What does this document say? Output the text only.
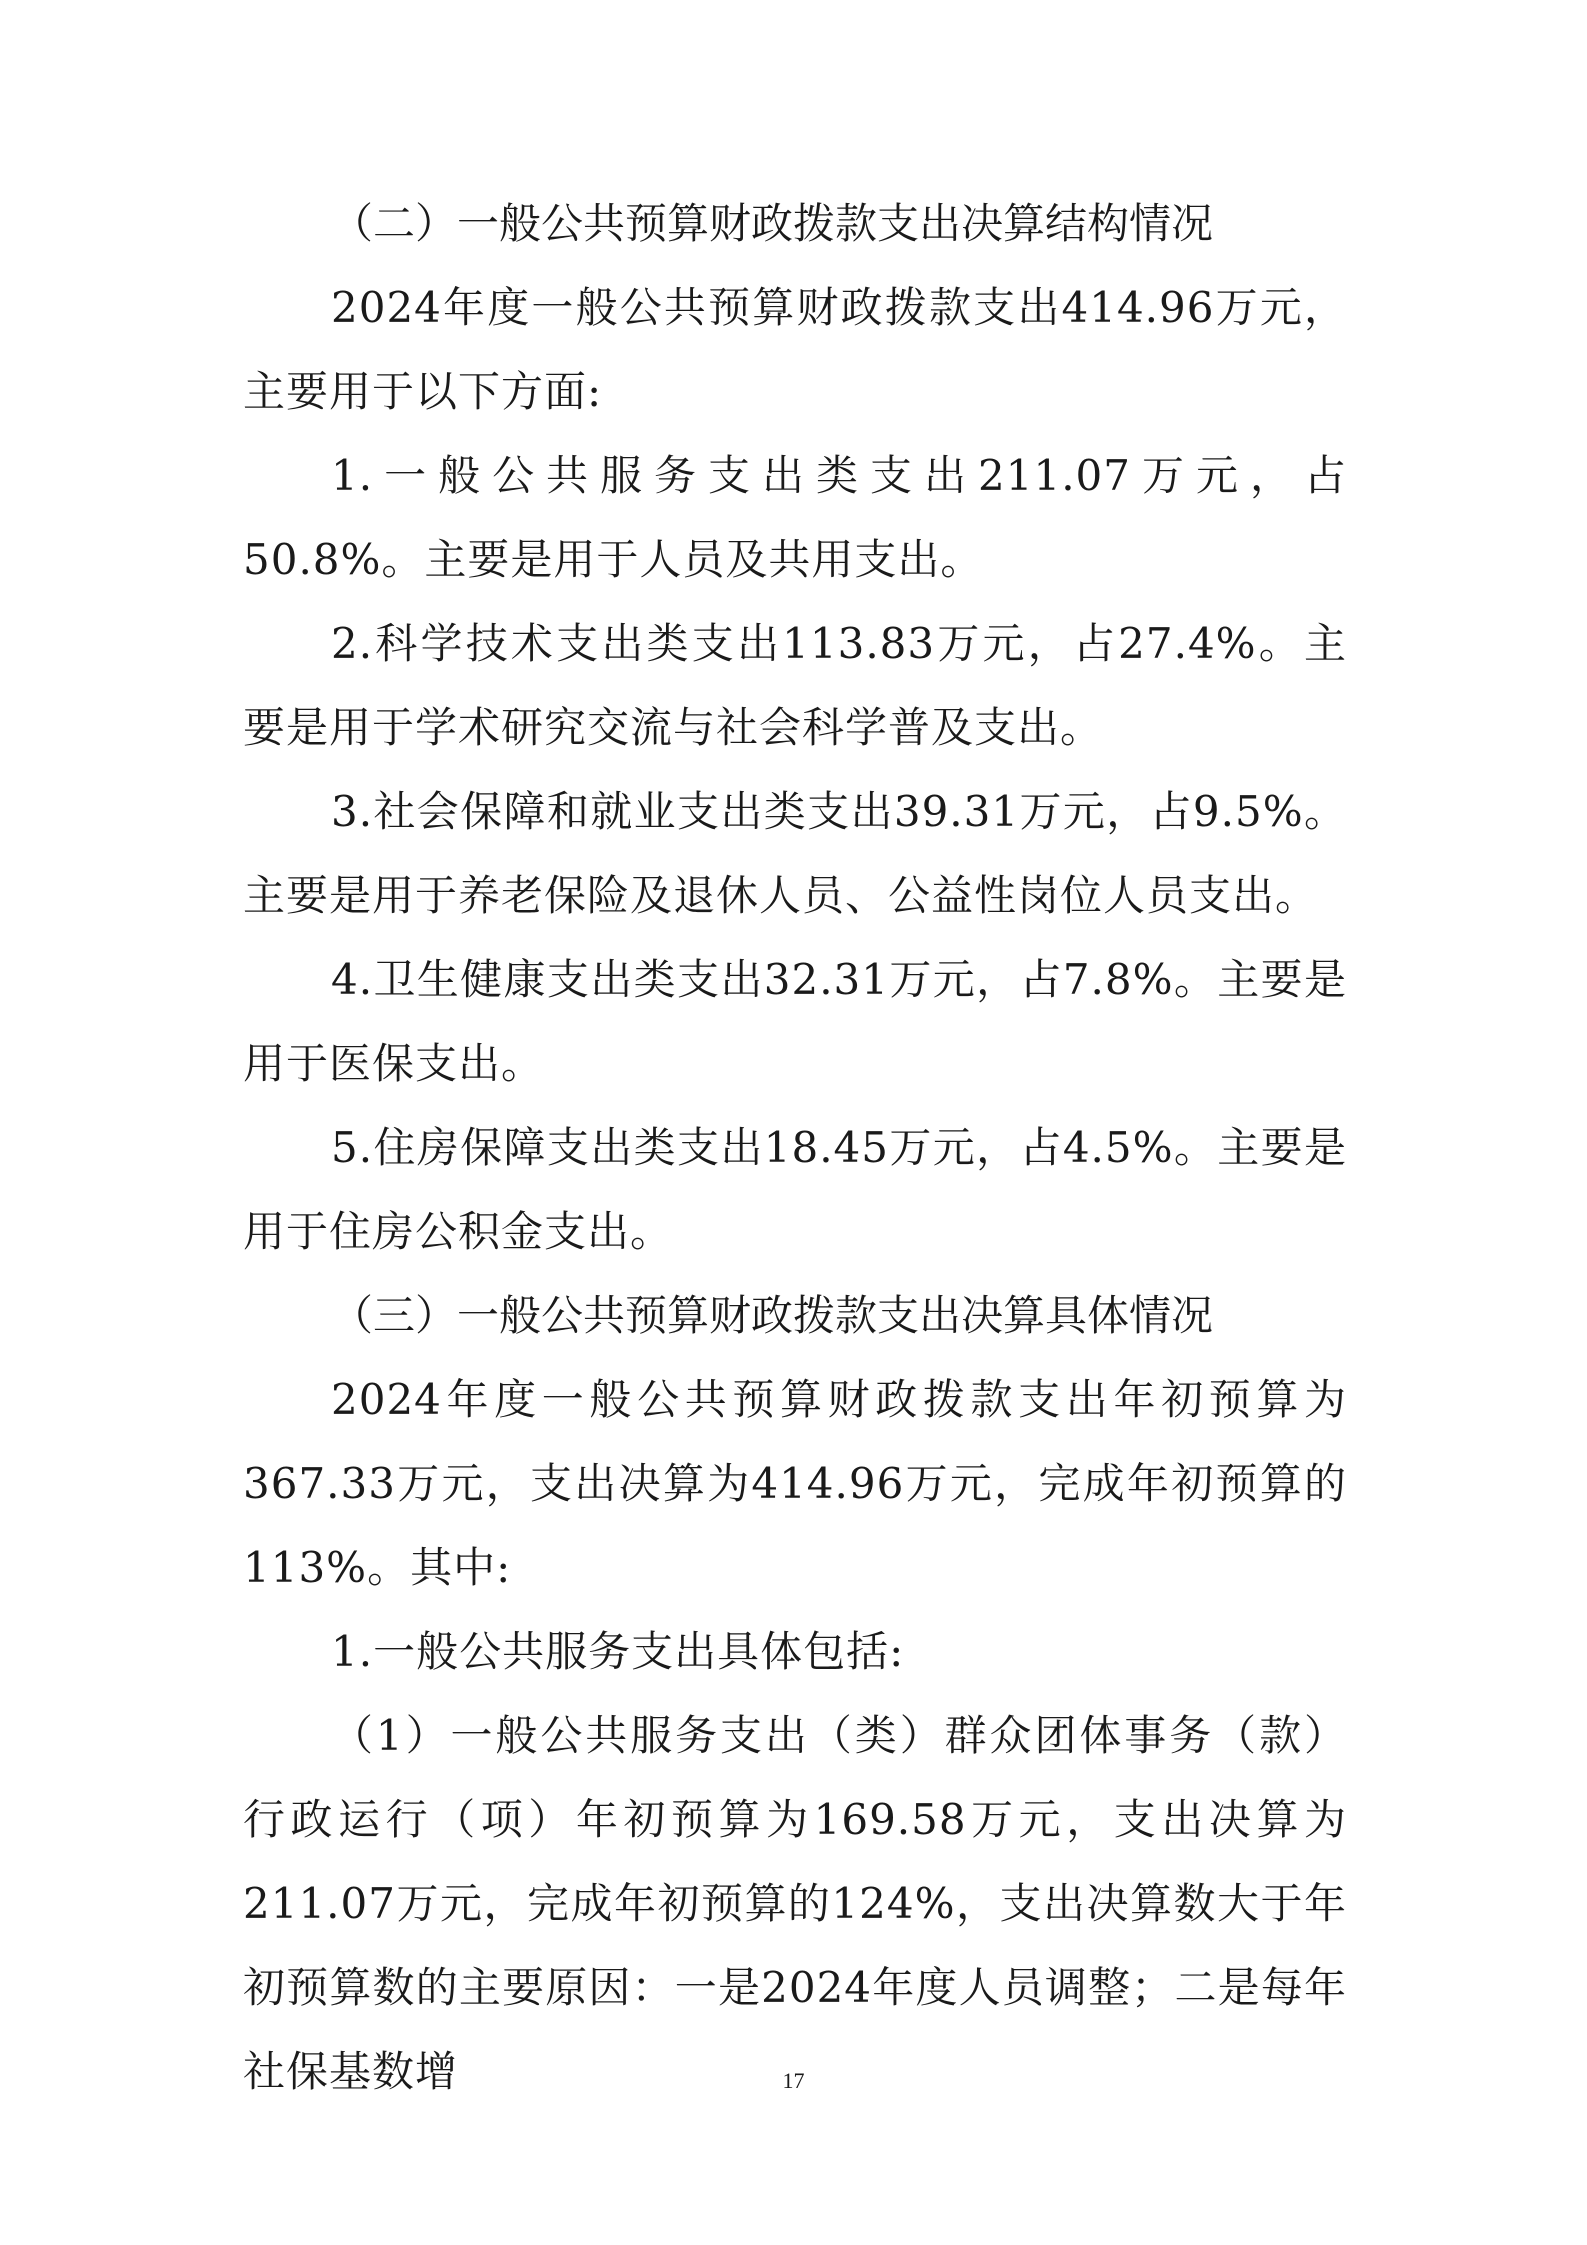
（二）一般公共预算财政拨款支出决算结构情况

2024年度一般公共预算财政拨款支出414.96万元，主要用于以下方面:

1.一般公共服务支出类支出211.07万元，占50.8%。主要是用于人员及共用支出。

2.科学技术支出类支出113.83万元，占27.4%。主要是用于学术研究交流与社会科学普及支出。

3.社会保障和就业支出类支出39.31万元，占9.5%。主要是用于养老保险及退休人员、公益性岗位人员支出。

4.卫生健康支出类支出32.31万元，占7.8%。主要是用于医保支出。

5.住房保障支出类支出18.45万元，占4.5%。主要是用于住房公积金支出。

（三）一般公共预算财政拨款支出决算具体情况

2024年度一般公共预算财政拨款支出年初预算为367.33万元，支出决算为414.96万元，完成年初预算的113%。其中:

1.一般公共服务支出具体包括:

（1）一般公共服务支出（类）群众团体事务（款）行政运行（项）年初预算为169.58万元，支出决算为211.07万元，完成年初预算的124%，支出决算数大于年初预算数的主要原因：一是2024年度人员调整；二是每年社保基数增	17
